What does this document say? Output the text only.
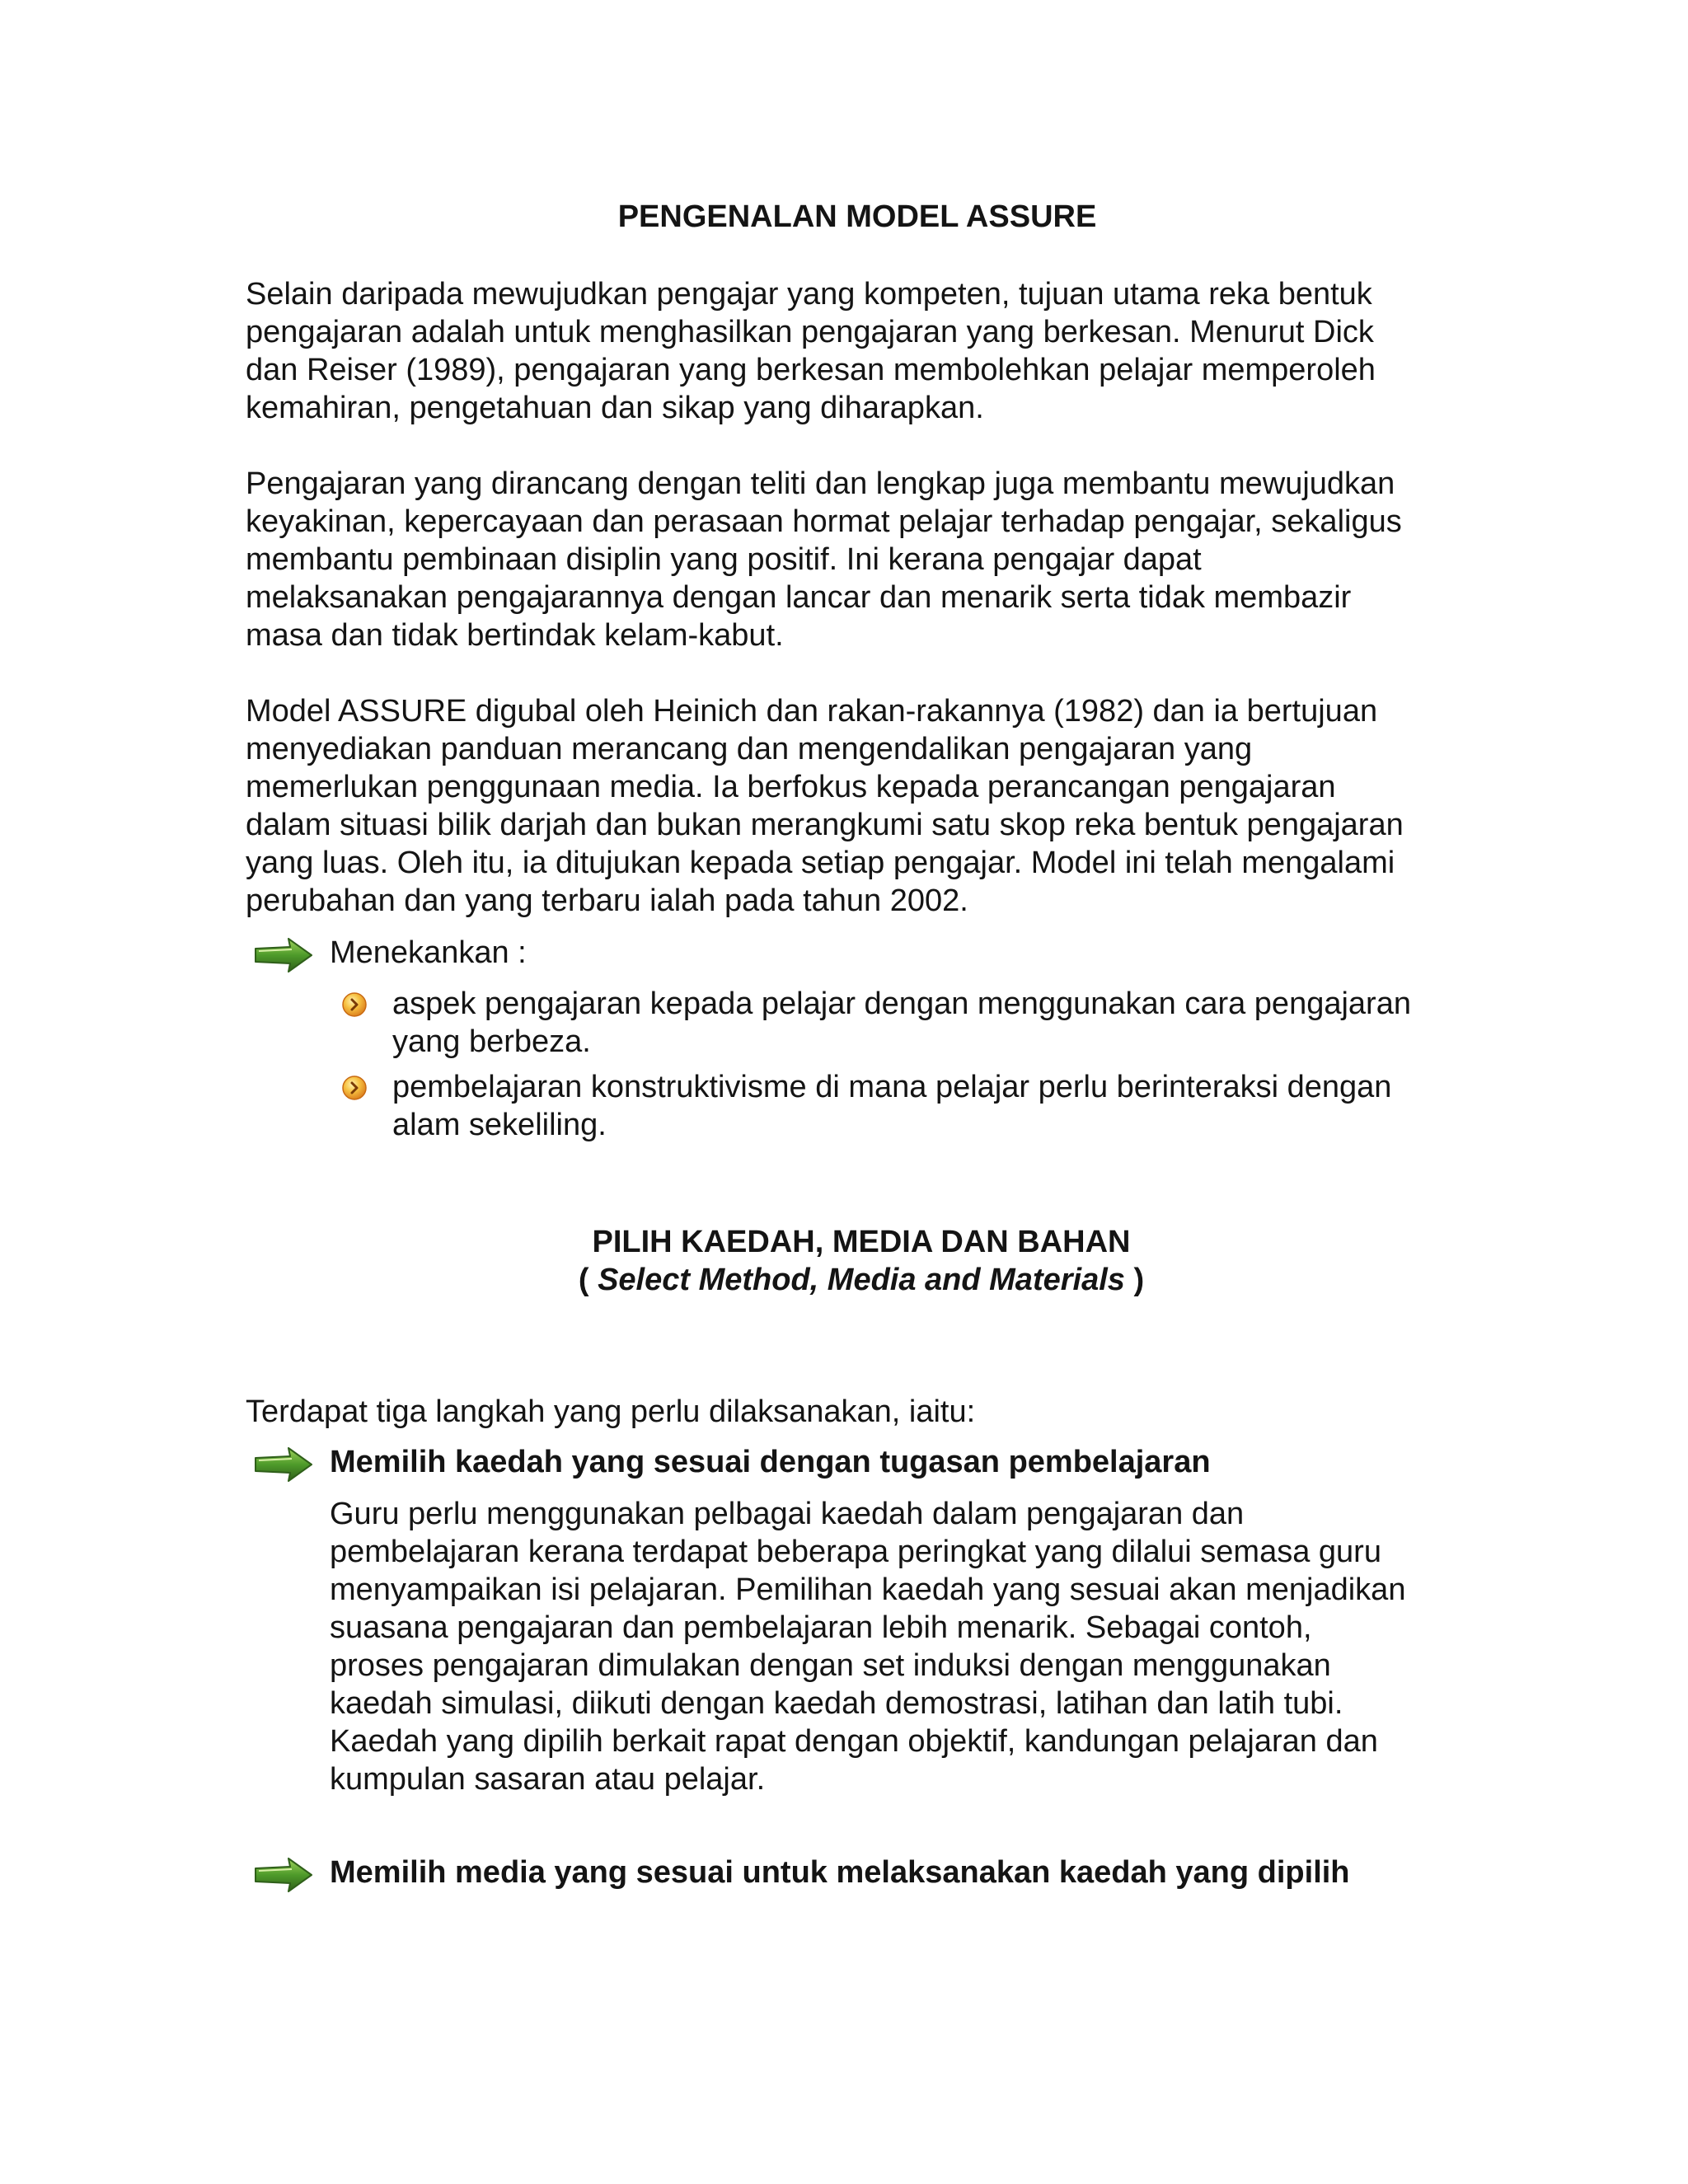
PENGENALAN MODEL ASSURE

Selain daripada mewujudkan pengajar yang kompeten, tujuan utama reka bentuk
pengajaran adalah untuk menghasilkan pengajaran yang berkesan. Menurut Dick
dan Reiser (1989), pengajaran yang berkesan membolehkan pelajar memperoleh
kemahiran, pengetahuan dan sikap yang diharapkan.

Pengajaran yang dirancang dengan teliti dan lengkap juga membantu mewujudkan
keyakinan, kepercayaan dan perasaan hormat pelajar terhadap pengajar, sekaligus
membantu pembinaan disiplin yang positif. Ini kerana pengajar dapat
melaksanakan pengajarannya dengan lancar dan menarik serta tidak membazir
masa dan tidak bertindak kelam-kabut.

Model ASSURE digubal oleh Heinich dan rakan-rakannya (1982) dan ia bertujuan
menyediakan panduan merancang dan mengendalikan pengajaran yang
memerlukan penggunaan media. Ia berfokus kepada perancangan pengajaran
dalam situasi bilik darjah dan bukan merangkumi satu skop reka bentuk pengajaran
yang luas. Oleh itu, ia ditujukan kepada setiap pengajar. Model ini telah mengalami
perubahan dan yang terbaru ialah pada tahun 2002.

Menekankan :

aspek pengajaran kepada pelajar dengan menggunakan cara pengajaran
yang berbeza.

pembelajaran konstruktivisme di mana pelajar perlu berinteraksi dengan
alam sekeliling.

PILIH KAEDAH, MEDIA DAN BAHAN
( Select Method, Media and Materials )

Terdapat tiga langkah yang perlu dilaksanakan, iaitu:

Memilih kaedah yang sesuai dengan tugasan pembelajaran

Guru perlu menggunakan pelbagai kaedah dalam pengajaran dan
pembelajaran kerana terdapat beberapa peringkat yang dilalui semasa guru
menyampaikan isi pelajaran. Pemilihan kaedah yang sesuai akan menjadikan
suasana pengajaran dan pembelajaran lebih menarik. Sebagai contoh,
proses pengajaran dimulakan dengan set induksi dengan menggunakan
kaedah simulasi, diikuti dengan kaedah demostrasi, latihan dan latih tubi.
Kaedah yang dipilih berkait rapat dengan objektif, kandungan pelajaran dan
kumpulan sasaran atau pelajar.

Memilih media yang sesuai untuk melaksanakan kaedah yang dipilih
